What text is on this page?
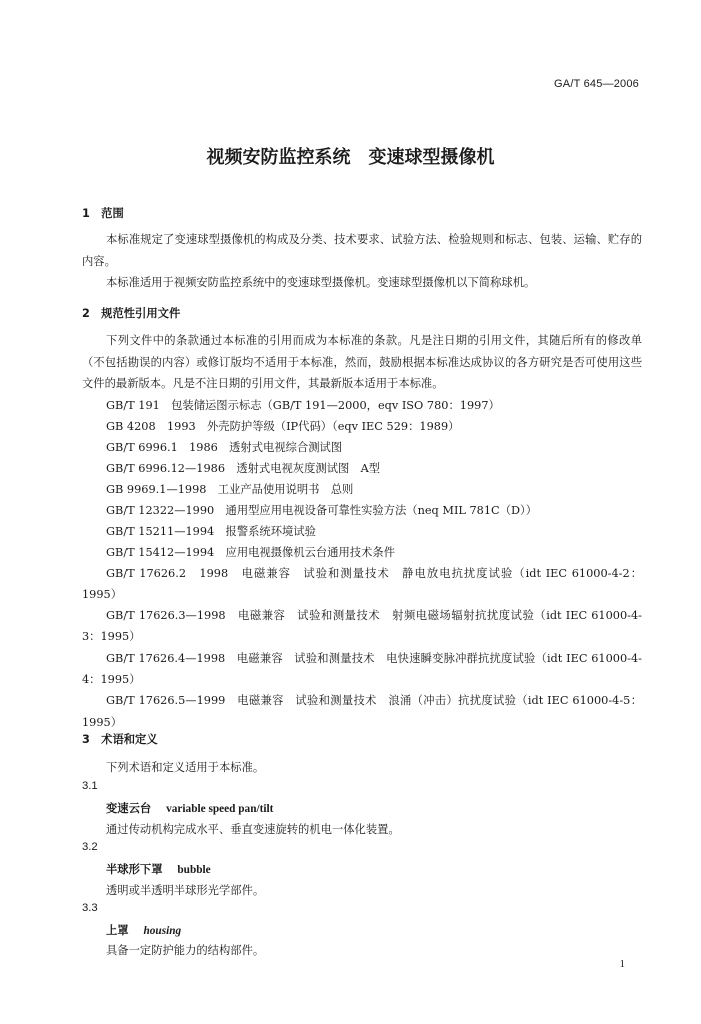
GA/T 645—2006
视频安防监控系统　变速球型摄像机
1　范围
本标准规定了变速球型摄像机的构成及分类、技术要求、试验方法、检验规则和标志、包装、运输、贮存的内容。
本标准适用于视频安防监控系统中的变速球型摄像机。变速球型摄像机以下简称球机。
2　规范性引用文件
下列文件中的条款通过本标准的引用而成为本标准的条款。凡是注日期的引用文件，其随后所有的修改单（不包括勘误的内容）或修订版均不适用于本标准，然而，鼓励根据本标准达成协议的各方研究是否可使用这些文件的最新版本。凡是不注日期的引用文件，其最新版本适用于本标准。
GB/T 191　包装储运图示标志（GB/T 191—2000，eqv ISO 780：1997）
GB 4208　1993　外壳防护等级（IP代码）（eqv IEC 529：1989）
GB/T 6996.1　1986　透射式电视综合测试图
GB/T 6996.12—1986　透射式电视灰度测试图　A型
GB 9969.1—1998　工业产品使用说明书　总则
GB/T 12322—1990　通用型应用电视设备可靠性实验方法（neq MIL 781C（D））
GB/T 15211—1994　报警系统环境试验
GB/T 15412—1994　应用电视摄像机云台通用技术条件
GB/T 17626.2　1998　电磁兼容　试验和测量技术　静电放电抗扰度试验（idt IEC 61000-4-2：1995）
GB/T 17626.3—1998　电磁兼容　试验和测量技术　射频电磁场辐射抗扰度试验（idt IEC 61000-4-3：1995）
GB/T 17626.4—1998　电磁兼容　试验和测量技术　电快速瞬变脉冲群抗扰度试验（idt IEC 61000-4-4：1995）
GB/T 17626.5—1999　电磁兼容　试验和测量技术　浪涌（冲击）抗扰度试验（idt IEC 61000-4-5：1995）
3　术语和定义
下列术语和定义适用于本标准。
3.1
变速云台　 variable speed pan/tilt
通过传动机构完成水平、垂直变速旋转的机电一体化装置。
3.2
半球形下罩　 bubble
透明或半透明半球形光学部件。
3.3
上罩　 housing
具备一定防护能力的结构部件。
1
